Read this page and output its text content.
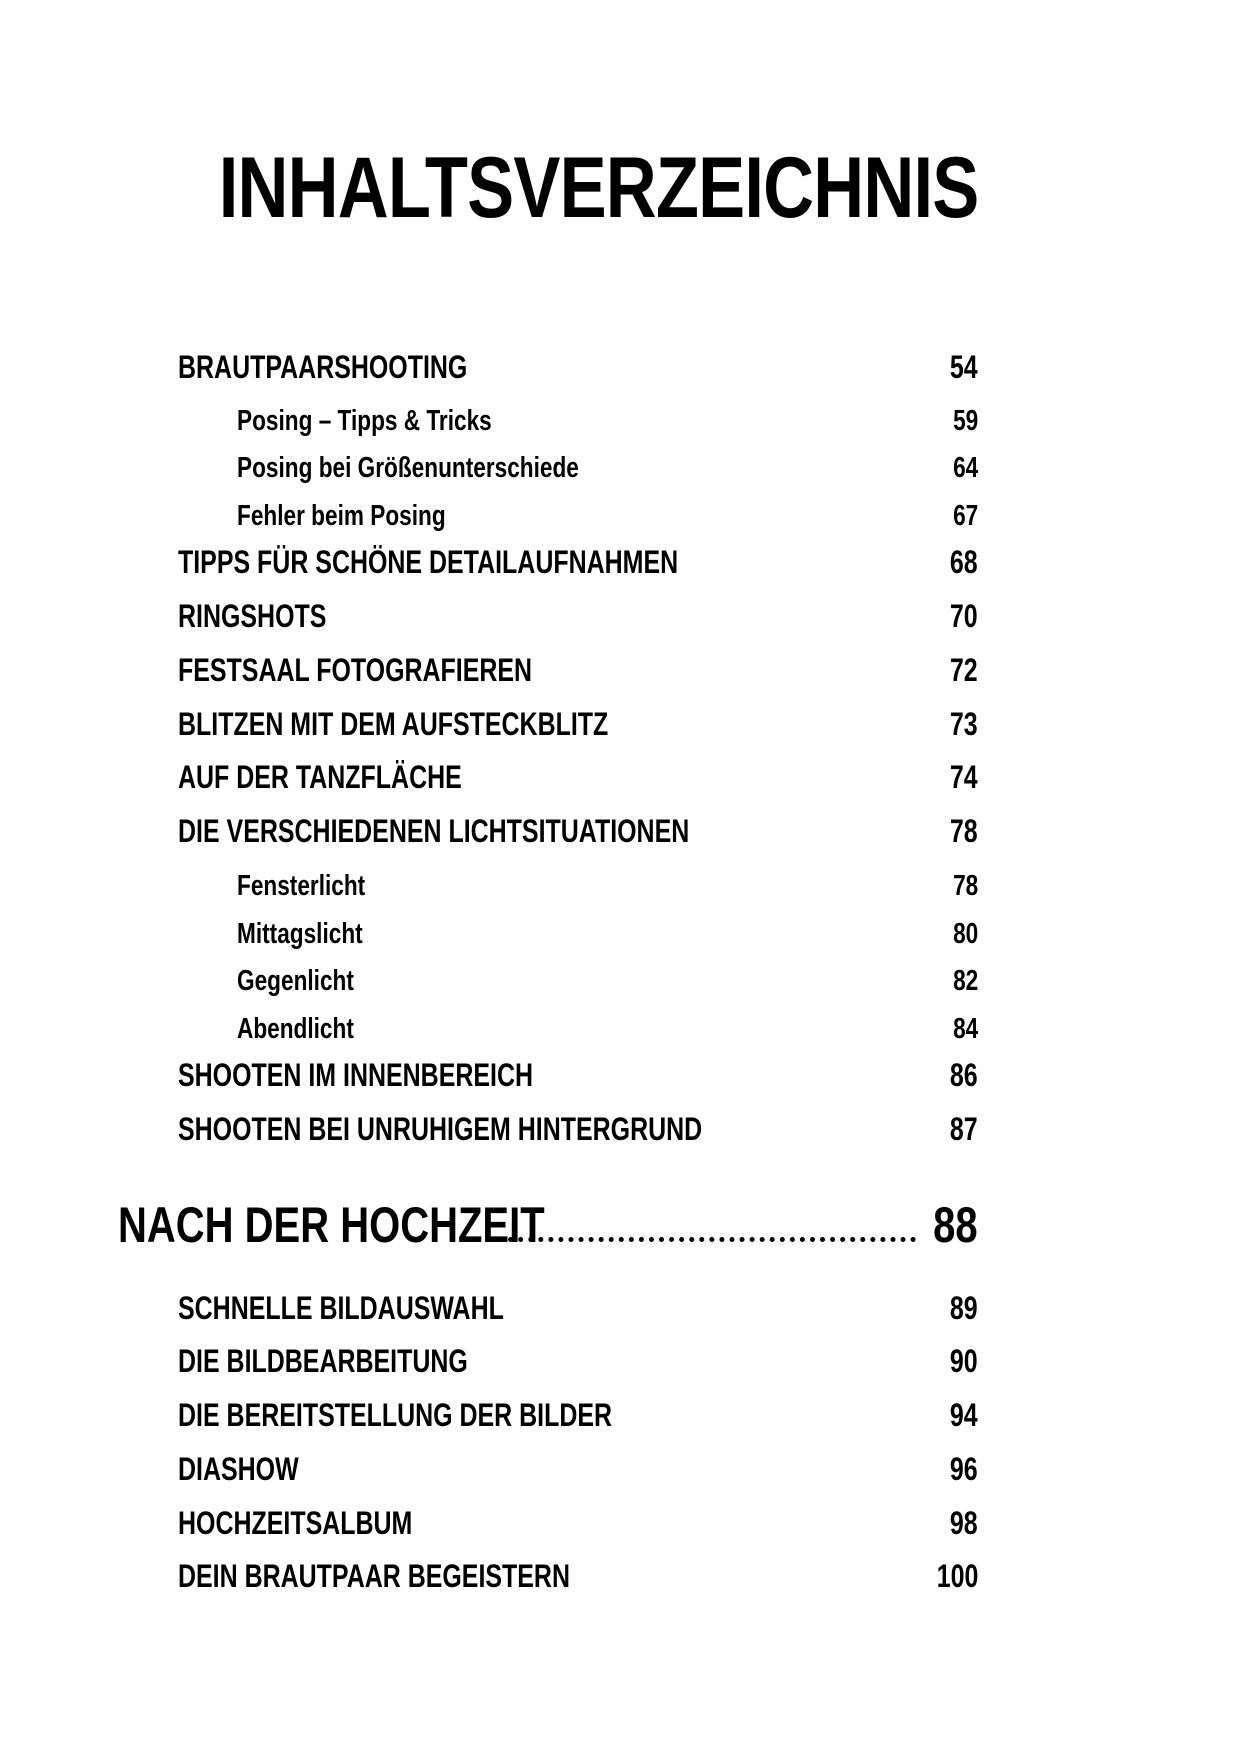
INHALTSVERZEICHNIS
BRAUTPAARSHOOTING	54
Posing – Tipps & Tricks	59
Posing bei Größenunterschiede	64
Fehler beim Posing	67
TIPPS FÜR SCHÖNE DETAILAUFNAHMEN	68
RINGSHOTS	70
FESTSAAL FOTOGRAFIEREN	72
BLITZEN MIT DEM AUFSTECKBLITZ	73
AUF DER TANZFLÄCHE	74
DIE VERSCHIEDENEN LICHTSITUATIONEN	78
Fensterlicht	78
Mittagslicht	80
Gegenlicht	82
Abendlicht	84
SHOOTEN IM INNENBEREICH	86
SHOOTEN BEI UNRUHIGEM HINTERGRUND	87
NACH DER HOCHZEIT	88
SCHNELLE BILDAUSWAHL	89
DIE BILDBEARBEITUNG	90
DIE BEREITSTELLUNG DER BILDER	94
DIASHOW	96
HOCHZEITSALBUM	98
DEIN BRAUTPAAR BEGEISTERN	100
